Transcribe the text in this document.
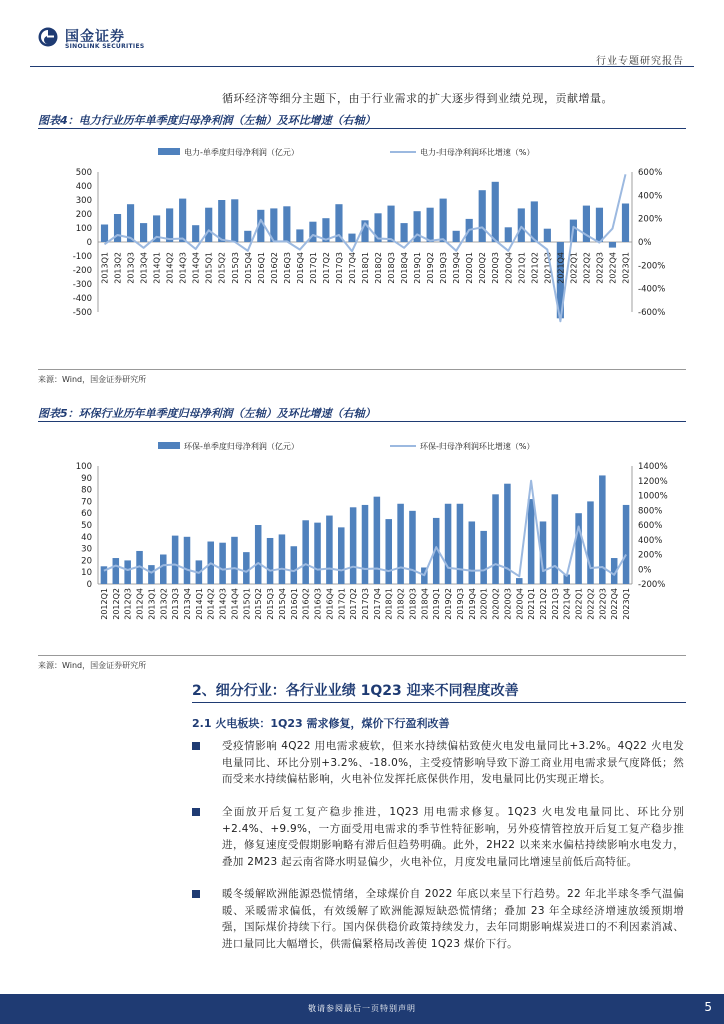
国金证券
SINOLINK SECURITIES
行业专题研究报告
循环经济等细分主题下，由于行业需求的扩大逐步得到业绩兑现，贡献增量。
图表4：电力行业历年单季度归母净利润（左轴）及环比增速（右轴）
电力-单季度归母净利润（亿元）	电力-归母净利润环比增速（%）
500
400
300
200
100
0
-100
-200
-300
-400
-500
600%
400%
200%
0%
-200%
-400%
-600%
2013Q1 2013Q2 2013Q3 2013Q4 2014Q1 2014Q2 2014Q3 2014Q4 2015Q1 2015Q2 2015Q3 2015Q4 2016Q1 2016Q2 2016Q3 2016Q4 2017Q1 2017Q2 2017Q3 2017Q4 2018Q1 2018Q2 2018Q3 2018Q4 2019Q1 2019Q2 2019Q3 2019Q4 2020Q1 2020Q2 2020Q3 2020Q4 2021Q1 2021Q2 2021Q3 2021Q4 2022Q1 2022Q2 2022Q3 2022Q4 2023Q1
来源：Wind，国金证券研究所
图表5：环保行业历年单季度归母净利润（左轴）及环比增速（右轴）
环保-单季度归母净利润（亿元）	环保-归母净利润环比增速（%）
100
90
80
70
60
50
40
30
20
10
0
1400%
1200%
1000%
800%
600%
400%
200%
0%
-200%
2012Q1 2012Q2 2012Q3 2012Q4 2013Q1 2013Q2 2013Q3 2013Q4 2014Q1 2014Q2 2014Q3 2014Q4 2015Q1 2015Q2 2015Q3 2015Q4 2016Q1 2016Q2 2016Q3 2016Q4 2017Q1 2017Q2 2017Q3 2017Q4 2018Q1 2018Q2 2018Q3 2018Q4 2019Q1 2019Q2 2019Q3 2019Q4 2020Q1 2020Q2 2020Q3 2020Q4 2021Q1 2021Q2 2021Q3 2021Q4 2022Q1 2022Q2 2022Q3 2022Q4 2023Q1
来源：Wind，国金证券研究所
2、细分行业：各行业业绩 1Q23 迎来不同程度改善
2.1 火电板块：1Q23 需求修复，煤价下行盈利改善
受疫情影响 4Q22 用电需求疲软，但来水持续偏枯致使火电发电量同比+3.2%。4Q22 火电发电量同比、环比分别+3.2%、-18.0%，主受疫情影响导致下游工商业用电需求景气度降低；然而受来水持续偏枯影响，火电补位发挥托底保供作用，发电量同比仍实现正增长。
全面放开后复工复产稳步推进，1Q23 用电需求修复。1Q23 火电发电量同比、环比分别+2.4%、+9.9%，一方面受用电需求的季节性特征影响，另外疫情管控放开后复工复产稳步推进，修复速度受假期影响略有滞后但趋势明确。此外，2H22 以来来水偏枯持续影响水电发力，叠加 2M23 起云南省降水明显偏少，火电补位，月度发电量同比增速呈前低后高特征。
暖冬缓解欧洲能源恐慌情绪，全球煤价自 2022 年底以来呈下行趋势。22 年北半球冬季气温偏暖、采暖需求偏低，有效缓解了欧洲能源短缺恐慌情绪；叠加 23 年全球经济增速放缓预期增强，国际煤价持续下行。国内保供稳价政策持续发力，去年同期影响煤炭进口的不利因素消减、进口量同比大幅增长，供需偏紧格局改善使 1Q23 煤价下行。
敬请参阅最后一页特别声明	5
